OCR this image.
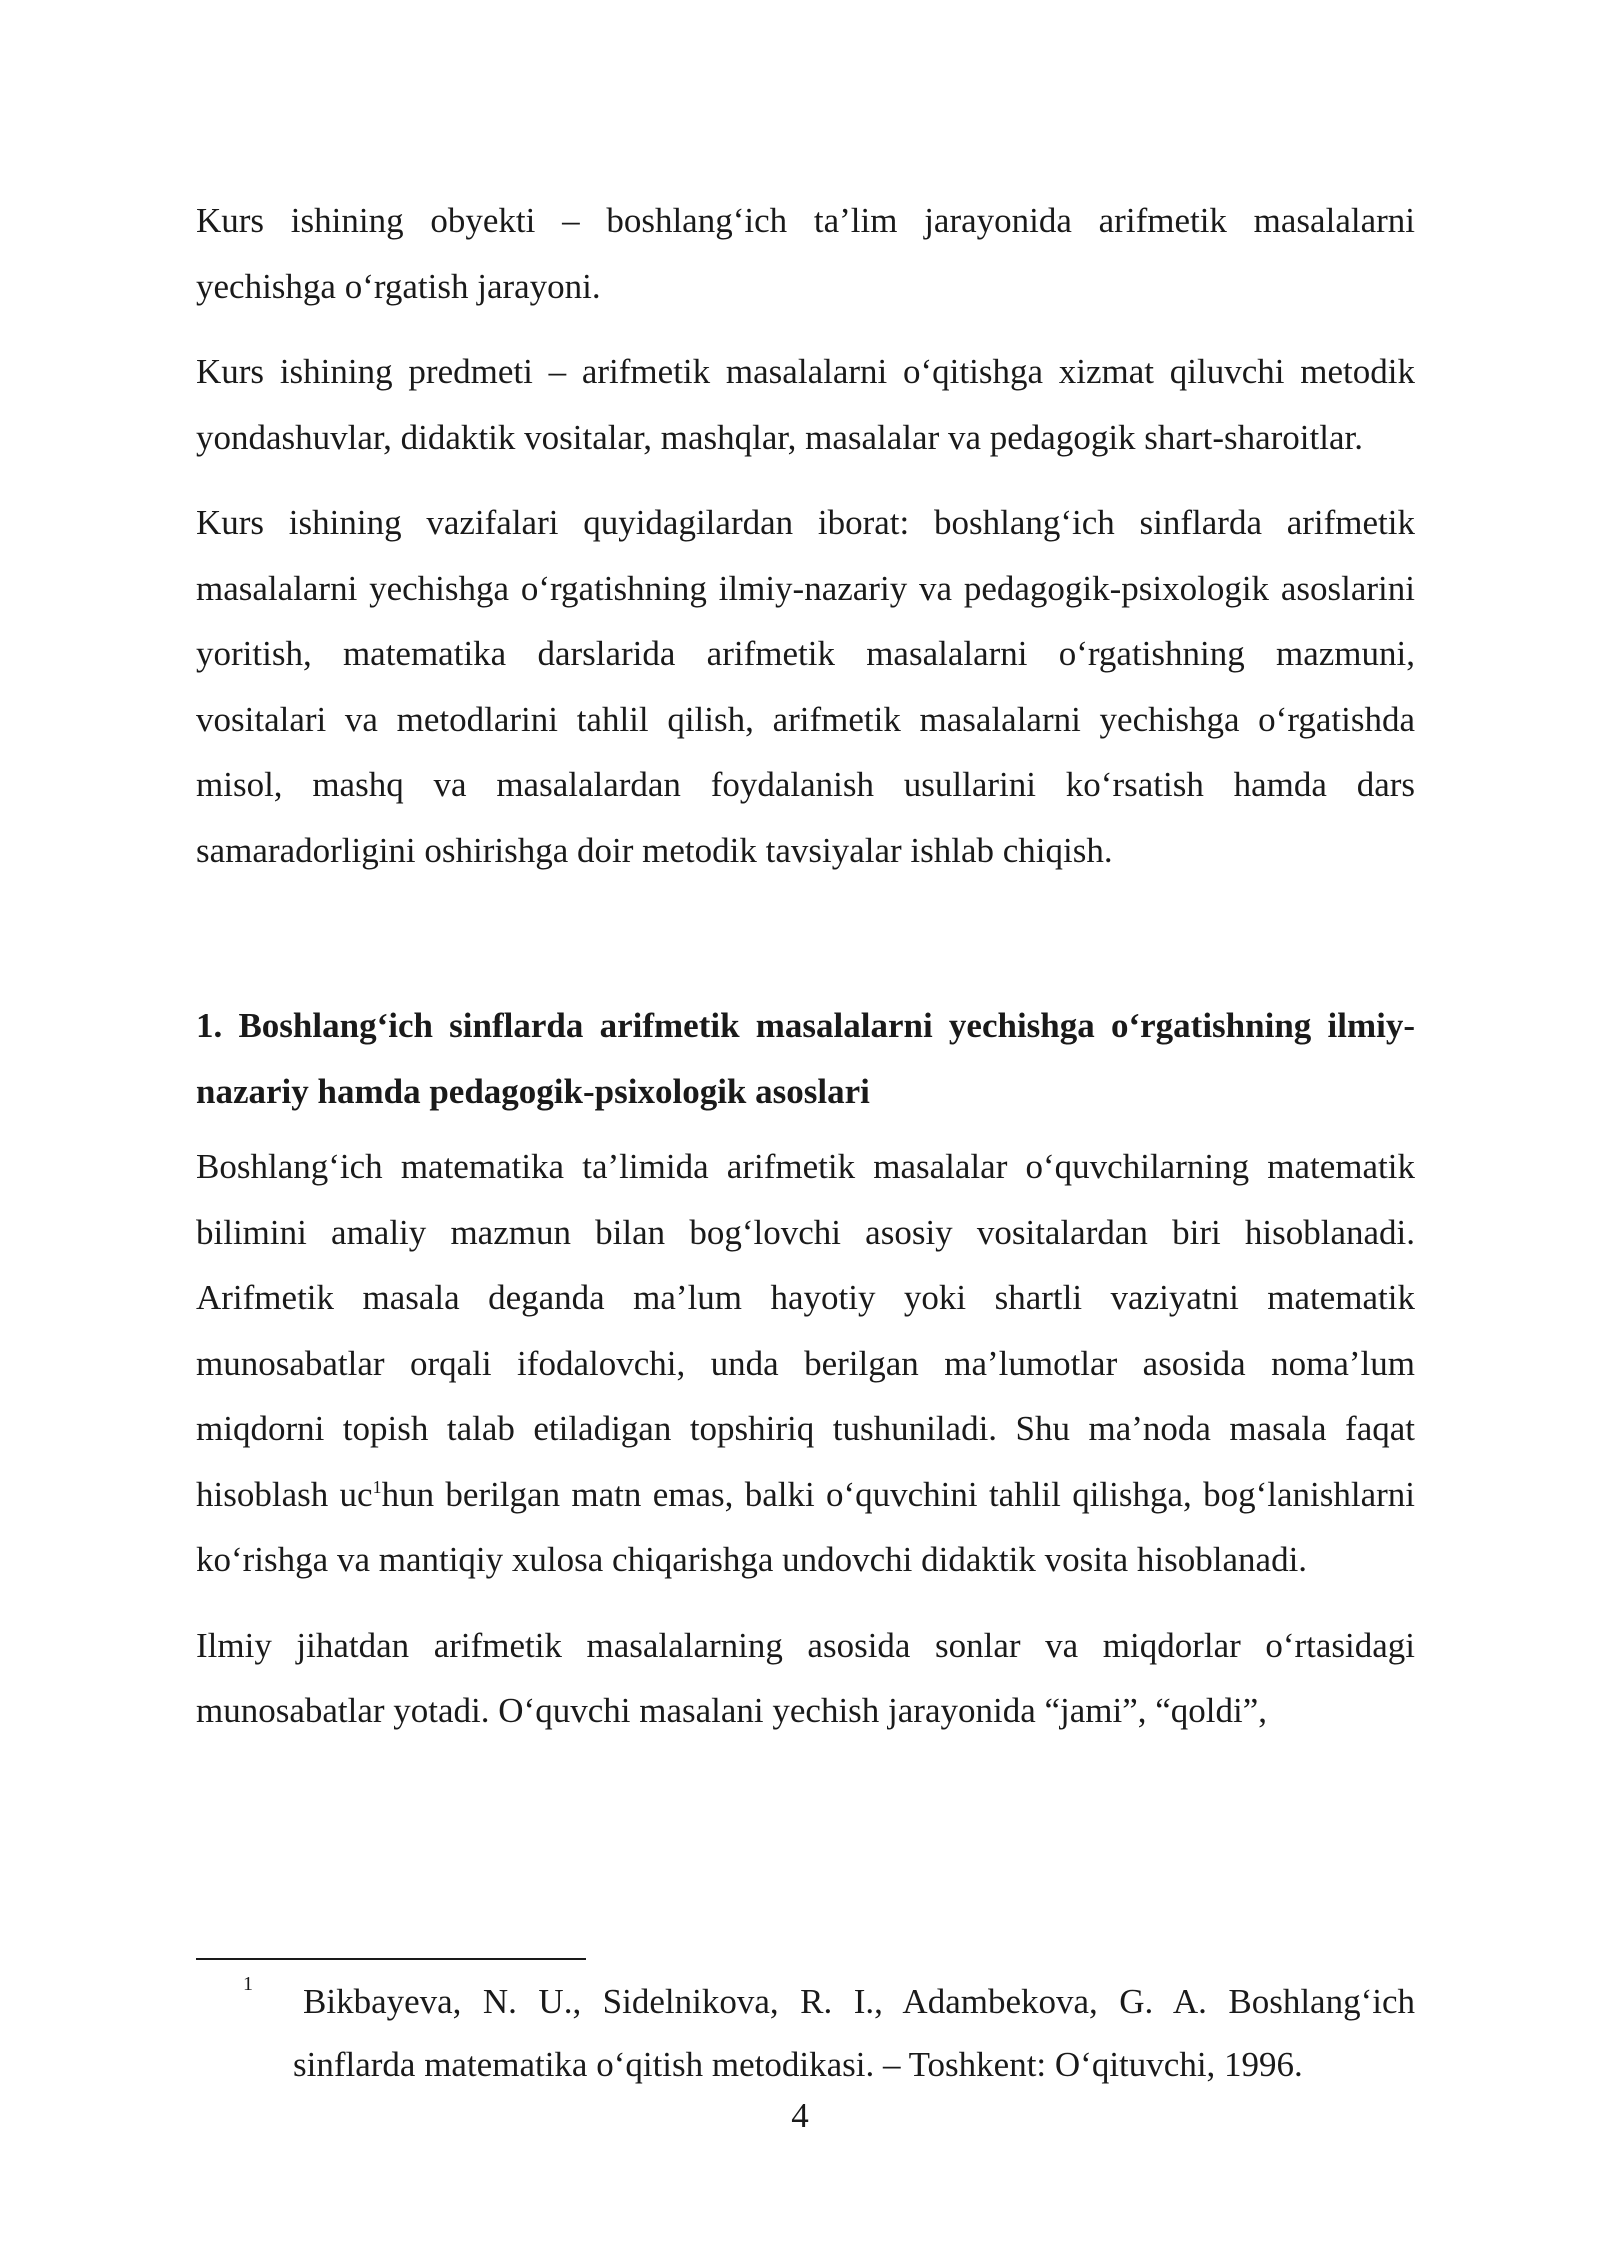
Kurs ishining obyekti – boshlang‘ich ta’lim jarayonida arifmetik masalalarni yechishga o‘rgatish jarayoni.

Kurs ishining predmeti – arifmetik masalalarni o‘qitishga xizmat qiluvchi metodik yondashuvlar, didaktik vositalar, mashqlar, masalalar va pedagogik shart-sharoitlar.

Kurs ishining vazifalari quyidagilardan iborat: boshlang‘ich sinflarda arifmetik masalalarni yechishga o‘rgatishning ilmiy-nazariy va pedagogik-psixologik asoslarini yoritish, matematika darslarida arifmetik masalalarni o‘rgatishning mazmuni, vositalari va metodlarini tahlil qilish, arifmetik masalalarni yechishga o‘rgatishda misol, mashq va masalalardan foydalanish usullarini ko‘rsatish hamda dars samaradorligini oshirishga doir metodik tavsiyalar ishlab chiqish.

1. Boshlang‘ich sinflarda arifmetik masalalarni yechishga o‘rgatishning ilmiy-nazariy hamda pedagogik-psixologik asoslari

Boshlang‘ich matematika ta’limida arifmetik masalalar o‘quvchilarning matematik bilimini amaliy mazmun bilan bog‘lovchi asosiy vositalardan biri hisoblanadi. Arifmetik masala deganda ma’lum hayotiy yoki shartli vaziyatni matematik munosabatlar orqali ifodalovchi, unda berilgan ma’lumotlar asosida noma’lum miqdorni topish talab etiladigan topshiriq tushuniladi. Shu ma’noda masala faqat hisoblash uc$^1$hun berilgan matn emas, balki o‘quvchini tahlil qilishga, bog‘lanishlarni ko‘rishga va mantiqiy xulosa chiqarishga undovchi didaktik vosita hisoblanadi.

Ilmiy jihatdan arifmetik masalalarning asosida sonlar va miqdorlar o‘rtasidagi munosabatlar yotadi. O‘quvchi masalani yechish jarayonida “jami”, “qoldi”,

1 Bikbayeva, N. U., Sidelnikova, R. I., Adambekova, G. A. Boshlang‘ich sinflarda matematika o‘qitish metodikasi. – Toshkent: O‘qituvchi, 1996.

4
